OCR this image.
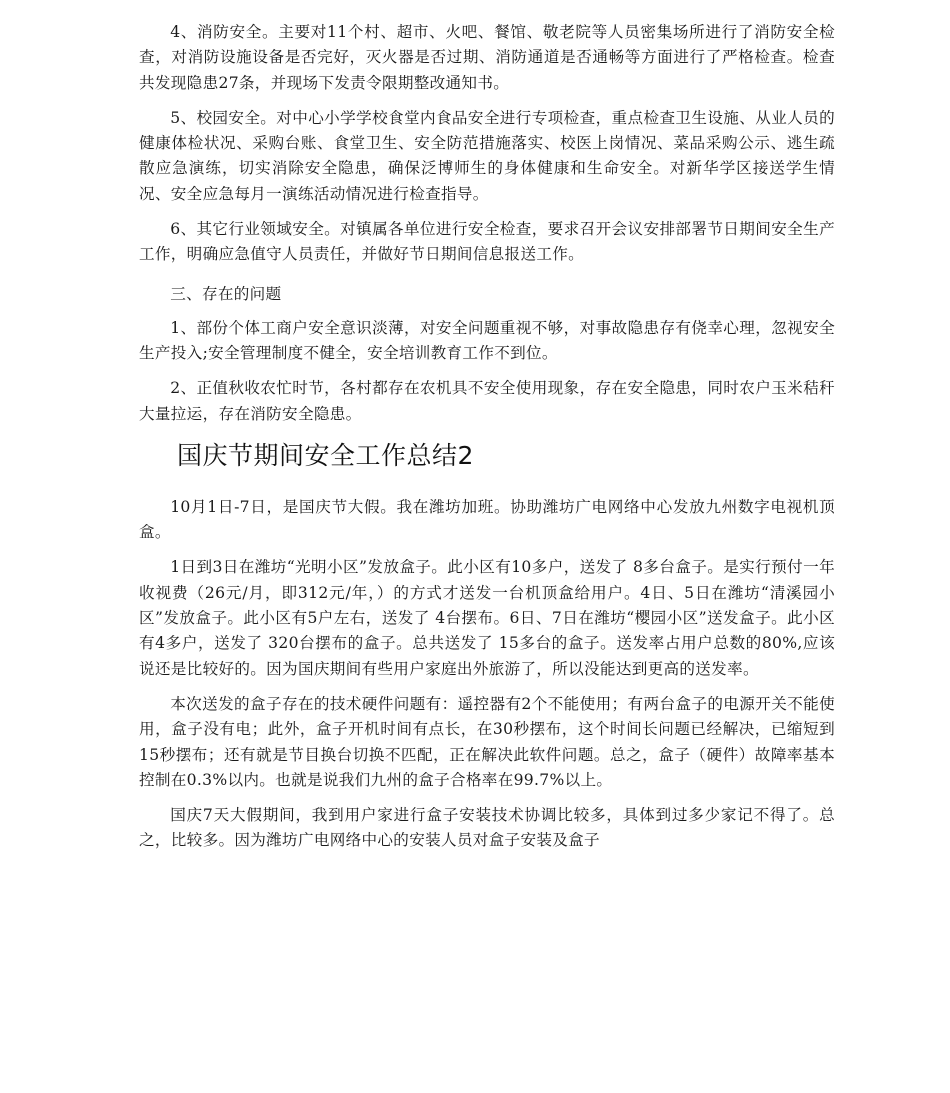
4、消防安全。主要对11个村、超市、火吧、餐馆、敬老院等人员密集场所进行了消防安全检查，对消防设施设备是否完好，灭火器是否过期、消防通道是否通畅等方面进行了严格检查。检查共发现隐患27条，并现场下发责令限期整改通知书。

5、校园安全。对中心小学学校食堂内食品安全进行专项检查，重点检查卫生设施、从业人员的健康体检状况、采购台账、食堂卫生、安全防范措施落实、校医上岗情况、菜品采购公示、逃生疏散应急演练，切实消除安全隐患，确保泛博师生的身体健康和生命安全。对新华学区接送学生情况、安全应急每月一演练活动情况进行检查指导。

6、其它行业领域安全。对镇属各单位进行安全检查，要求召开会议安排部署节日期间安全生产工作，明确应急值守人员责任，并做好节日期间信息报送工作。

三、存在的问题

1、部份个体工商户安全意识淡薄，对安全问题重视不够，对事故隐患存有侥幸心理，忽视安全生产投入;安全管理制度不健全，安全培训教育工作不到位。

2、正值秋收农忙时节，各村都存在农机具不安全使用现象，存在安全隐患，同时农户玉米秸秆大量拉运，存在消防安全隐患。

国庆节期间安全工作总结2

10月1日-7日，是国庆节大假。我在潍坊加班。协助潍坊广电网络中心发放九州数字电视机顶盒。

1日到3日在潍坊“光明小区”发放盒子。此小区有10多户，送发了 8多台盒子。是实行预付一年收视费（26元/月，即312元/年，）的方式才送发一台机顶盒给用户。4日、5日在潍坊“清溪园小区”发放盒子。此小区有5户左右，送发了 4台摆布。6日、7日在潍坊“樱园小区”送发盒子。此小区有4多户，送发了 320台摆布的盒子。总共送发了 15多台的盒子。送发率占用户总数的80%,应该说还是比较好的。因为国庆期间有些用户家庭出外旅游了，所以没能达到更高的送发率。

本次送发的盒子存在的技术硬件问题有：遥控器有2个不能使用；有两台盒子的电源开关不能使用，盒子没有电；此外，盒子开机时间有点长，在30秒摆布，这个时间长问题已经解决，已缩短到15秒摆布；还有就是节目换台切换不匹配，正在解决此软件问题。总之，盒子（硬件）故障率基本控制在0.3%以内。也就是说我们九州的盒子合格率在99.7%以上。

国庆7天大假期间，我到用户家进行盒子安装技术协调比较多，具体到过多少家记不得了。总之，比较多。因为潍坊广电网络中心的安装人员对盒子安装及盒子
